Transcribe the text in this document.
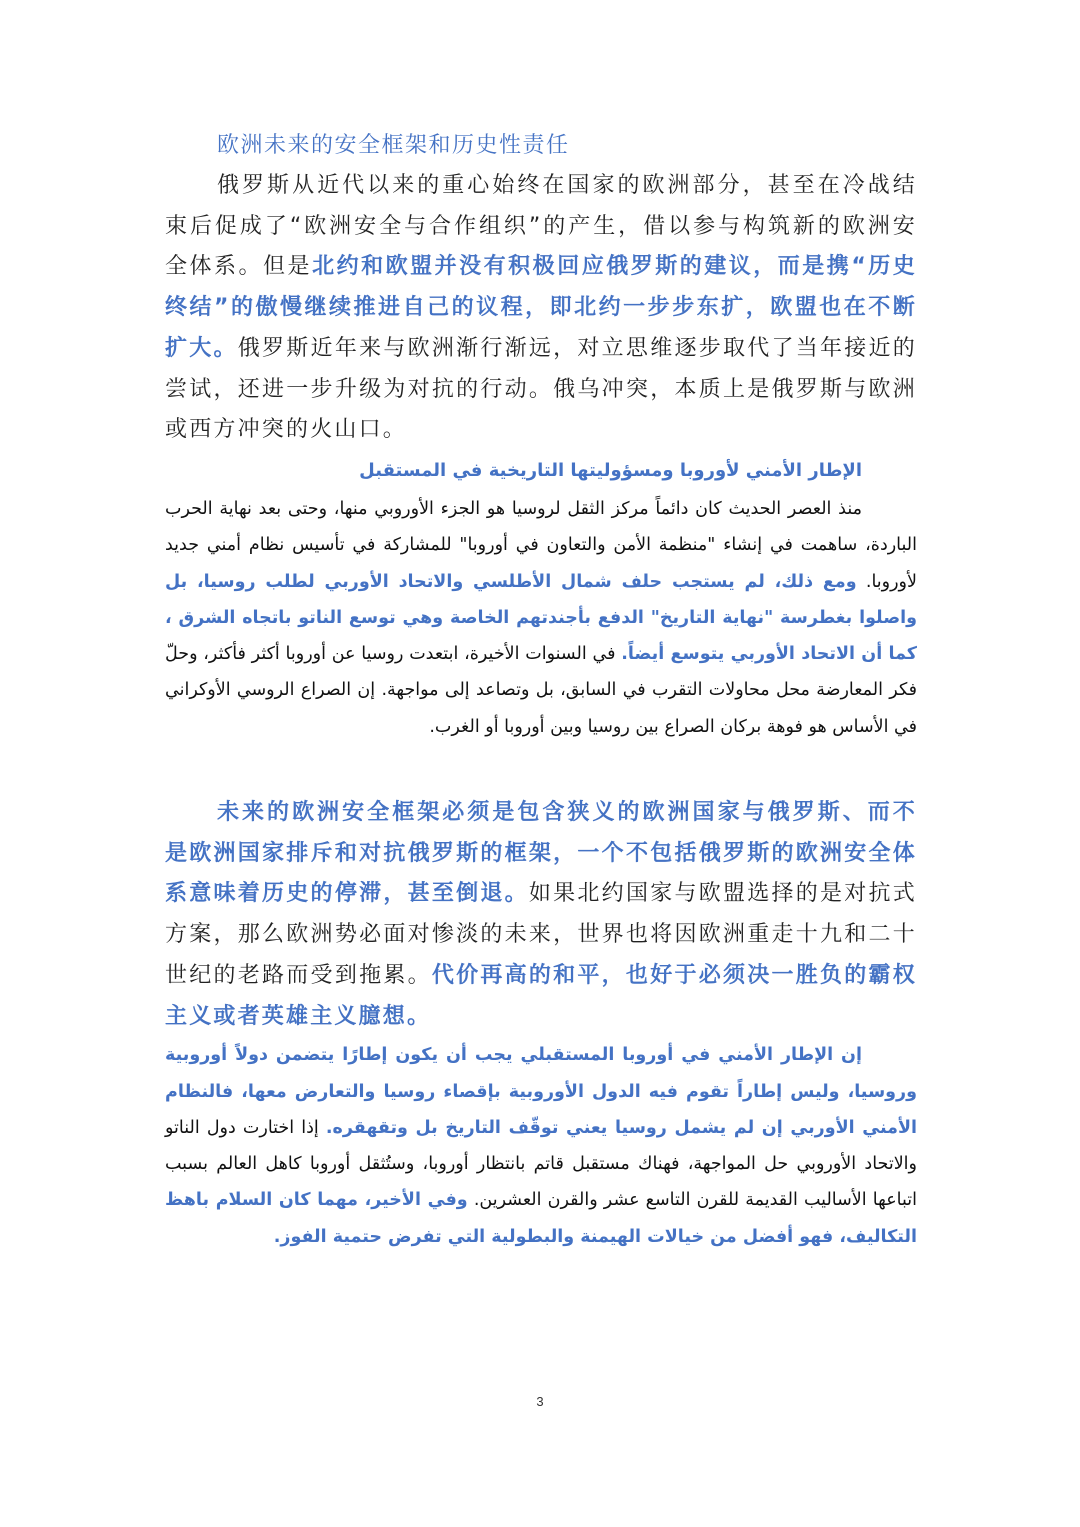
欧洲未来的安全框架和历史性责任

俄罗斯从近代以来的重心始终在国家的欧洲部分，甚至在冷战结束后促成了“欧洲安全与合作组织”的产生，借以参与构筑新的欧洲安全体系。但是北约和欧盟并没有积极回应俄罗斯的建议，而是携“历史终结”的傲慢继续推进自己的议程，即北约一步步东扩，欧盟也在不断扩大。俄罗斯近年来与欧洲渐行渐远，对立思维逐步取代了当年接近的尝试，还进一步升级为对抗的行动。俄乌冲突，本质上是俄罗斯与欧洲或西方冲突的火山口。

الإطار الأمني لأوروبا ومسؤوليتها التاريخية في المستقبل

منذ العصر الحديث كان دائماً مركز الثقل لروسيا هو الجزء الأوروبي منها، وحتى بعد نهاية الحرب الباردة، ساهمت في إنشاء "منظمة الأمن والتعاون في أوروبا" للمشاركة في تأسيس نظام أمني جديد لأوروبا. ومع ذلك، لم يستجب حلف شمال الأطلسي والاتحاد الأوربي لطلب روسيا، بل واصلوا بغطرسة "نهاية التاريخ" الدفع بأجندتهم الخاصة وهي توسع الناتو باتجاه الشرق ، كما أن الاتحاد الأوربي يتوسع أيضاً. في السنوات الأخيرة، ابتعدت روسيا عن أوروبا أكثر فأكثر، وحلّ فكر المعارضة محل محاولات التقرب في السابق، بل وتصاعد إلى مواجهة. إن الصراع الروسي الأوكراني في الأساس هو فوهة بركان الصراع بين روسيا وبين أوروبا أو الغرب.

未来的欧洲安全框架必须是包含狭义的欧洲国家与俄罗斯、而不是欧洲国家排斥和对抗俄罗斯的框架，一个不包括俄罗斯的欧洲安全体系意味着历史的停滞，甚至倒退。如果北约国家与欧盟选择的是对抗式方案，那么欧洲势必面对惨淡的未来，世界也将因欧洲重走十九和二十世纪的老路而受到拖累。代价再高的和平，也好于必须决一胜负的霸权主义或者英雄主义臆想。

إن الإطار الأمني في أوروبا المستقبلي يجب أن يكون إطارًا يتضمن دولاً أوروبية وروسيا، وليس إطاراً تقوم فيه الدول الأوروبية بإقصاء روسيا والتعارض معها، فالنظام الأمني الأوربي إن لم يشمل روسيا يعني توقّف التاريخ بل وتقهقره. إذا اختارت دول الناتو والاتحاد الأوروبي حل المواجهة، فهناك مستقبل قاتم بانتظار أوروبا، وستُثقل أوروبا كاهل العالم بسبب اتباعها الأساليب القديمة للقرن التاسع عشر والقرن العشرين. وفي الأخير، مهما كان السلام باهظ التكاليف، فهو أفضل من خيالات الهيمنة والبطولية التي تفرض حتمية الفوز.

3
